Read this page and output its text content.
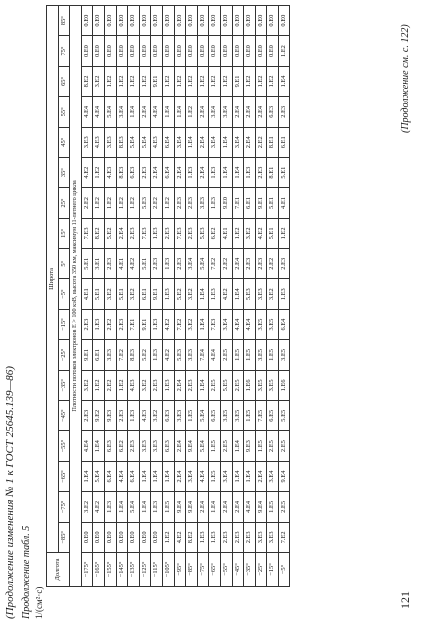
(Продолжение изменения № 1 к ГОСТ 25645.139—86) Продолжение табл. 5 1/(см²·с)
Долгота	Широта																	
	−85°	−75°	−65°	−55°	−45°	−35°	−25°	−15°	−5°	5°	15°	25°	35°	45°	55°	65°	75°	85°
Плотности потоков электронов E > 100 кэВ, высота 350 км, максимум 11-летнего цикла																		
−175°	0.E0	3.E2	1.E4	4.E4	2.E3	3.E2	9.E1	2.E3	4.E1	5.E1	7.E3	2.E2	4.E2	3.E3	4.E4	8.E2	0.E0	0.E0
−165°	0.E0	4.E2	5.E4	1.E4	9.E2	1.E2	6.E1	1.E3	5.E1	3.E1	8.E2	1.E2	1.E2	4.E3	4.E4	3.E2	0.E0	0.E0
−155°	0.E0	1.E3	6.E4	6.E3	9.E3	2.E2	3.E3	2.E2	3.E2	2.E3	5.E2	1.E2	4.E3	3.E3	5.E4	1.E2	0.E0	0.E0
−145°	0.E0	1.E4	4.E4	6.E2	2.E3	1.E2	7.E2	2.E3	5.E1	4.E1	2.E4	1.E2	8.E3	8.E3	3.E4	1.E2	0.E0	0.E0
−135°	0.E0	5.E4	6.E4	2.E3	1.E3	4.E3	8.E3	7.E1	3.E2	4.E2	2.E3	1.E2	6.E3	5.E4	1.E4	1.E2	0.E0	0.E0
−125°	0.E0	1.E4	1.E4	3.E3	4.E3	3.E2	5.E2	9.E1	6.E1	5.E1	7.E3	5.E3	2.E3	5.E4	2.E4	1.E2	0.E0	0.E0
−115°	0.E0	1.E3	1.E4	3.E3	3.E2	2.E3	1.E3	1.E3	9.E1	2.E3	1.E3	2.E2	2.E4	4.E3	4.E4	9.E1	0.E0	0.E0
−105°	1.E2	1.E5	1.E4	6.E3	6.E3	1.E3	4.E2	4.E2	1.E3	1.E3	2.E3	1.E2	6.E4	6.E4	1.E4	1.E2	0.E0	0.E0
−95°	4.E2	9.E4	2.E4	2.E4	3.E3	2.E4	5.E3	7.E2	5.E2	2.E3	7.E3	2.E3	2.E4	3.E4	1.E4	1.E2	0.E0	0.E0
−85°	8.E2	9.E4	3.E4	9.E4	1.E5	2.E3	3.E3	3.E2	3.E2	3.E4	2.E3	2.E3	1.E3	1.E4	1.E2	1.E2	0.E0	0.E0
−75°	1.E3	2.E4	4.E4	5.E4	5.E4	1.E4	7.E4	1.E4	1.E4	5.E4	5.E3	3.E3	2.E4	2.E4	2.E4	1.E2	0.E0	0.E0
−65°	1.E3	1.E4	1.E5	1.E5	6.E5	2.E5	4.E4	7.E3	1.E3	7.E2	6.E2	1.E3	1.E3	3.E4	3.E4	1.E2	0.E0	0.E0
−55°	2.E3	2.E4	3.E4	2.E5	3.E5	5.E5	2.E5	3.E4	4.E2	2.E2	4.E1	9.E0	1.E4	1.E4	3.E4	1.E2	0.E0	0.E0
−45°	2.E3	2.E4	1.E4	1.E4	3.E5	2.E5	1.E5	4.E4	1.E4	2.E4	1.E2	7.E1	1.E4	3.E4	2.E4	9.E1	0.E0	0.E0
−35°	2.E3	4.E4	1.E4	9.E3	1.E5	1.E6	1.E5	4.E4	5.E3	2.E3	3.E2	6.E1	1.E3	2.E4	2.E4	1.E2	0.E0	0.E0
−25°	3.E3	9.E4	2.E4	1.E5	7.E5	3.E5	3.E5	3.E5	3.E3	2.E3	4.E2	9.E1	2.E3	2.E2	2.E4	1.E2	0.E0	0.E0
−15°	3.E3	1.E5	3.E4	2.E5	6.E5	3.E5	1.E5	3.E5	3.E2	2.E2	5.E1	5.E1	8.E1	8.E1	6.E3	1.E2	0.E0	0.E0
−5°	7.E2	2.E5	9.E4	2.E5	5.E5	1.E6	3.E5	6.E4	1.E3	2.E3	1.E2	4.E1	5.E1	6.E1	2.E3	1.E4	1.E2	0.E0
121
(Продолжение см. с. 122)
